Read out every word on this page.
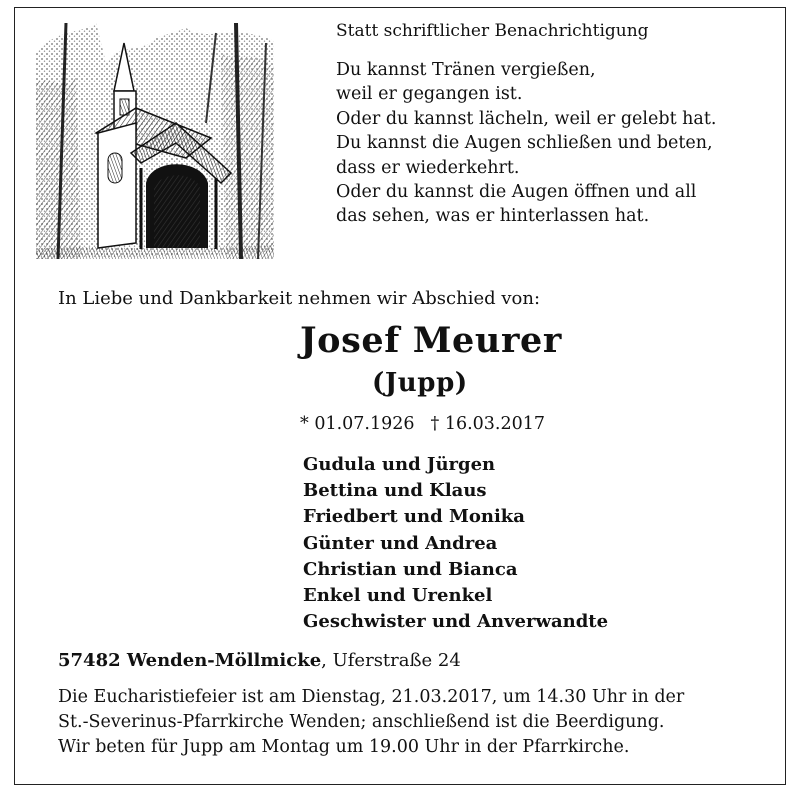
Statt schriftlicher Benachrichtigung
Du kannst Tränen vergießen,
weil er gegangen ist.
Oder du kannst lächeln, weil er gelebt hat.
Du kannst die Augen schließen und beten,
dass er wiederkehrt.
Oder du kannst die Augen öffnen und all
das sehen, was er hinterlassen hat.
In Liebe und Dankbarkeit nehmen wir Abschied von:
Josef Meurer
(Jupp)
* 01.07.1926 † 16.03.2017
Gudula und Jürgen
Bettina und Klaus
Friedbert und Monika
Günter und Andrea
Christian und Bianca
Enkel und Urenkel
Geschwister und Anverwandte
57482 Wenden-Möllmicke, Uferstraße 24
Die Eucharistiefeier ist am Dienstag, 21.03.2017, um 14.30 Uhr in der
St.-Severinus-Pfarrkirche Wenden; anschließend ist die Beerdigung.
Wir beten für Jupp am Montag um 19.00 Uhr in der Pfarrkirche.
